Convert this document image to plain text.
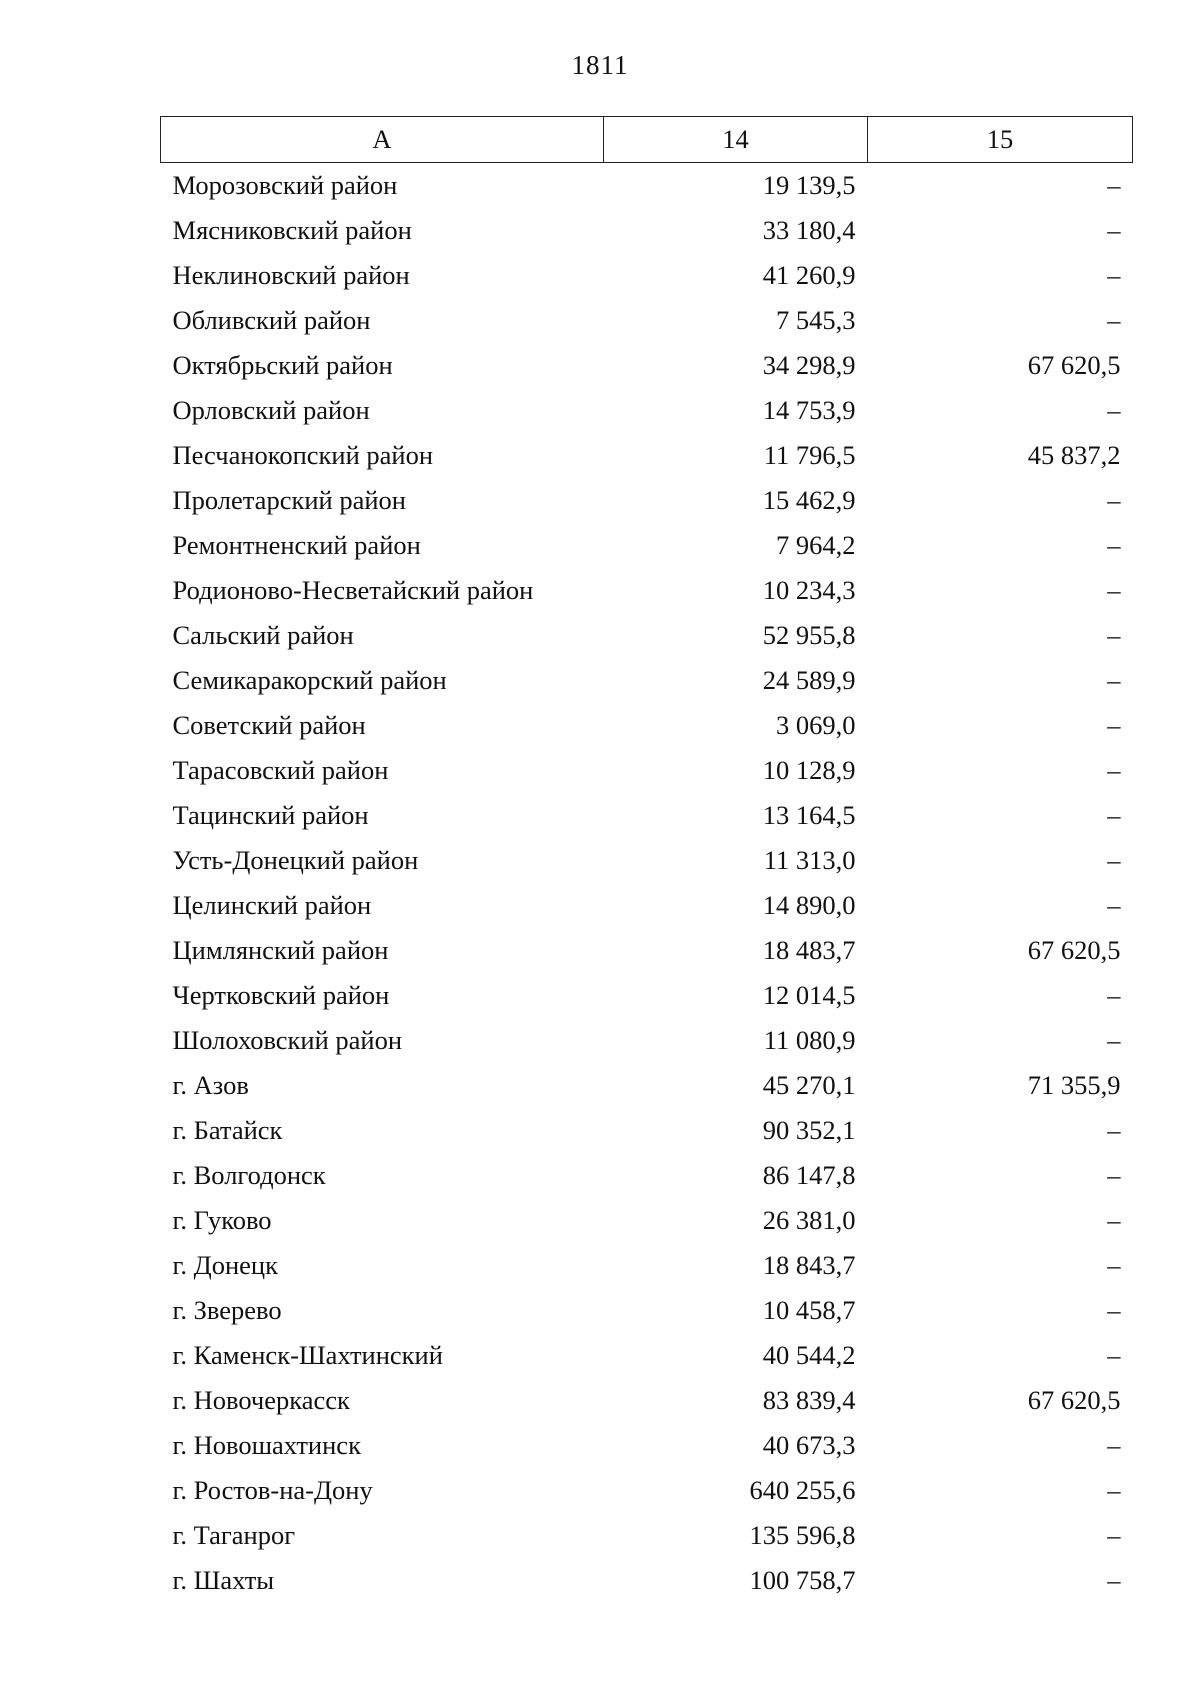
1811
А	14	15
Морозовский район	19 139,5	–
Мясниковский район	33 180,4	–
Неклиновский район	41 260,9	–
Обливский район	7 545,3	–
Октябрьский район	34 298,9	67 620,5
Орловский район	14 753,9	–
Песчанокопский район	11 796,5	45 837,2
Пролетарский район	15 462,9	–
Ремонтненский район	7 964,2	–
Родионово-Несветайский район	10 234,3	–
Сальский район	52 955,8	–
Семикаракорский район	24 589,9	–
Советский район	3 069,0	–
Тарасовский район	10 128,9	–
Тацинский район	13 164,5	–
Усть-Донецкий район	11 313,0	–
Целинский район	14 890,0	–
Цимлянский район	18 483,7	67 620,5
Чертковский район	12 014,5	–
Шолоховский район	11 080,9	–
г. Азов	45 270,1	71 355,9
г. Батайск	90 352,1	–
г. Волгодонск	86 147,8	–
г. Гуково	26 381,0	–
г. Донецк	18 843,7	–
г. Зверево	10 458,7	–
г. Каменск-Шахтинский	40 544,2	–
г. Новочеркасск	83 839,4	67 620,5
г. Новошахтинск	40 673,3	–
г. Ростов-на-Дону	640 255,6	–
г. Таганрог	135 596,8	–
г. Шахты	100 758,7	–
